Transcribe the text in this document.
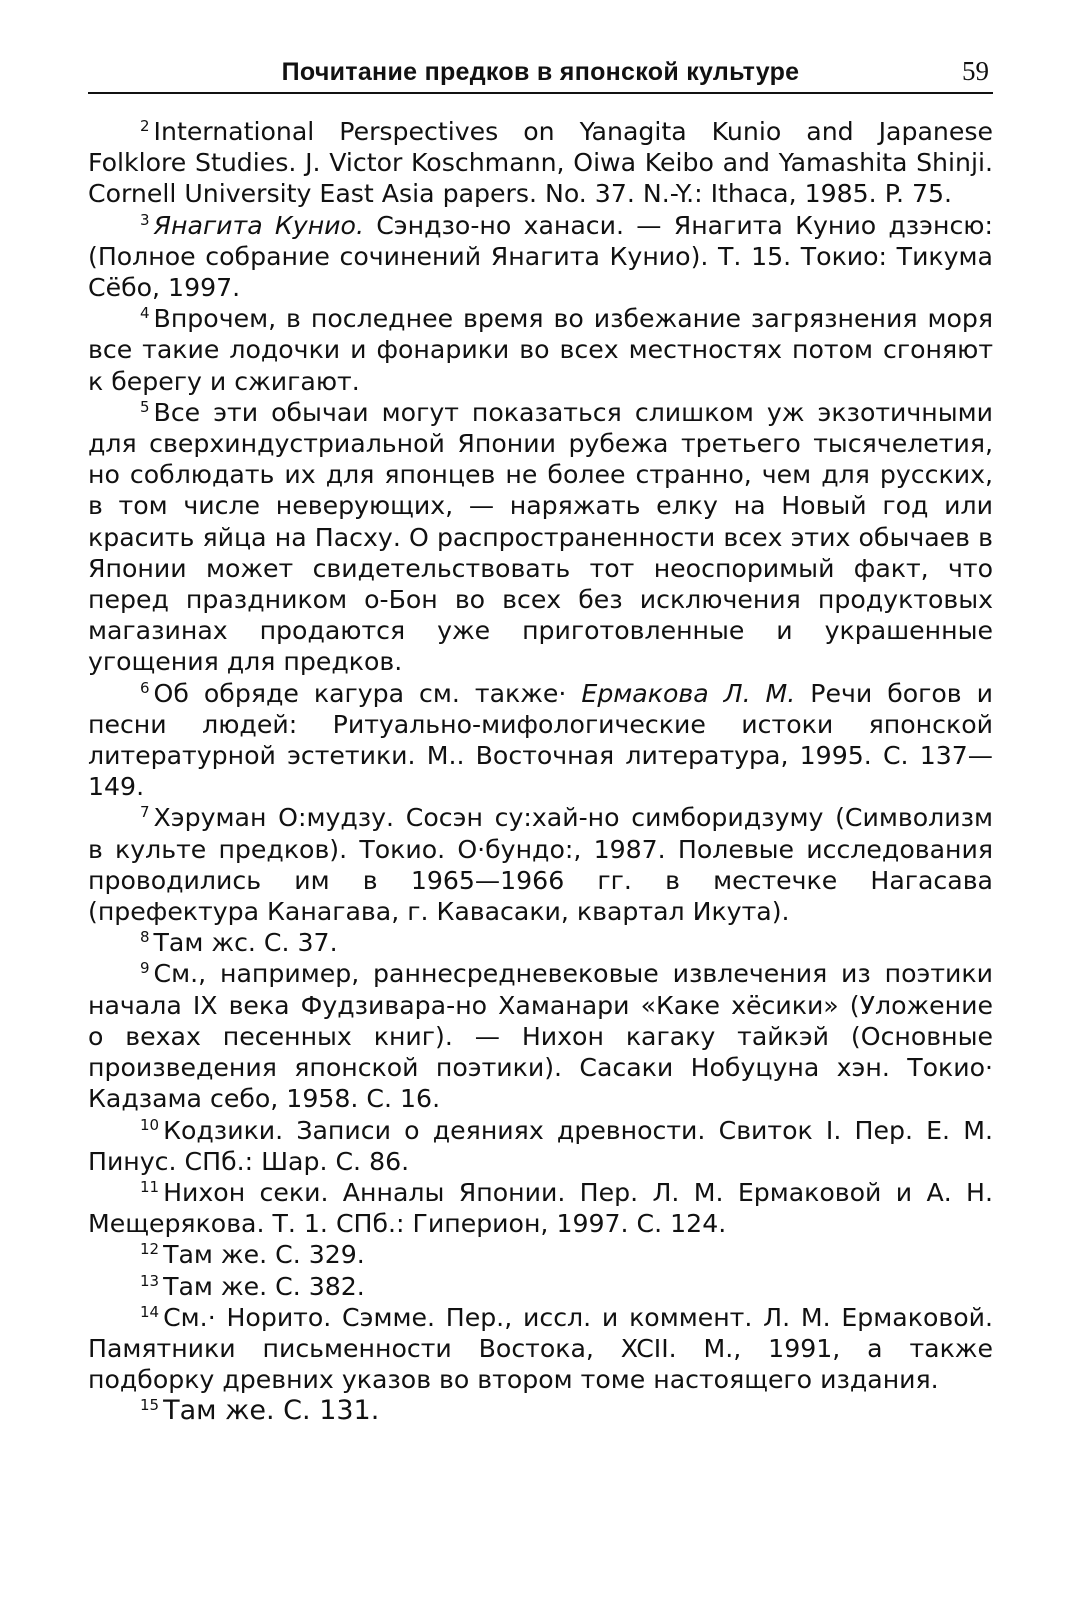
Почитание предков в японской культуре	59

$^2$ International Perspectives on Yanagita Kunio and Japanese Folklore Studies. J. Victor Koschmann, Oiwa Keibo and Yamashita Shinji. Cornell University East Asia papers. No. 37. N.-Y.: Ithaca, 1985. P. 75.

$^3$ Янагита Кунио. Сэндзо-но ханаси. — Янагита Кунио дзэнсю: (Полное собрание сочинений Янагита Кунио). Т. 15. Токио: Тикума Сёбо, 1997.

$^4$ Впрочем, в последнее время во избежание загрязнения моря все такие лодочки и фонарики во всех местностях потом сгоняют к берегу и сжигают.

$^5$ Все эти обычаи могут показаться слишком уж экзотичными для сверхиндустриальной Японии рубежа третьего тысячелетия, но соблюдать их для японцев не более странно, чем для русских, в том числе неверующих, — наряжать елку на Новый год или красить яйца на Пасху. О распространенности всех этих обычаев в Японии может свидетельствовать тот неоспоримый факт, что перед праздником о-Бон во всех без исключения продуктовых магазинах продаются уже приготовленные и украшенные угощения для предков.

$^6$ Об обряде кагура см. также· Ермакова Л. М. Речи богов и песни людей: Ритуально-мифологические истоки японской литературной эстетики. М.. Восточная литература, 1995. С. 137—149.

$^7$ Хэруман О:мудзу. Сосэн су:хай-но симборидзуму (Символизм в культе предков). Токио. О·бундо:, 1987. Полевые исследования проводились им в 1965—1966 гг. в местечке Нагасава (префектура Канагава, г. Кавасаки, квартал Икута).

$^8$ Там жс. С. 37.

$^9$ См., например, раннесредневековые извлечения из поэтики начала IX века Фудзивара-но Хаманари «Каке хёсики» (Уложение о вехах песенных книг). — Нихон кагаку тайкэй (Основные произведения японской поэтики). Сасаки Нобуцуна хэн. Токио· Кадзама себо, 1958. С. 16.

$^{10}$ Кодзики. Записи о деяниях древности. Свиток I. Пер. Е. М. Пинус. СПб.: Шар. С. 86.

$^{11}$ Нихон секи. Анналы Японии. Пер. Л. М. Ермаковой и А. Н. Мещерякова. Т. 1. СПб.: Гиперион, 1997. С. 124.

$^{12}$ Там же. С. 329.

$^{13}$ Там же. С. 382.

$^{14}$ См.· Норито. Сэмме. Пер., иссл. и коммент. Л. М. Ермаковой. Памятники письменности Востока, XCII. М., 1991, а также подборку древних указов во втором томе настоящего издания.

$^{15}$ Там же. С. 131.
